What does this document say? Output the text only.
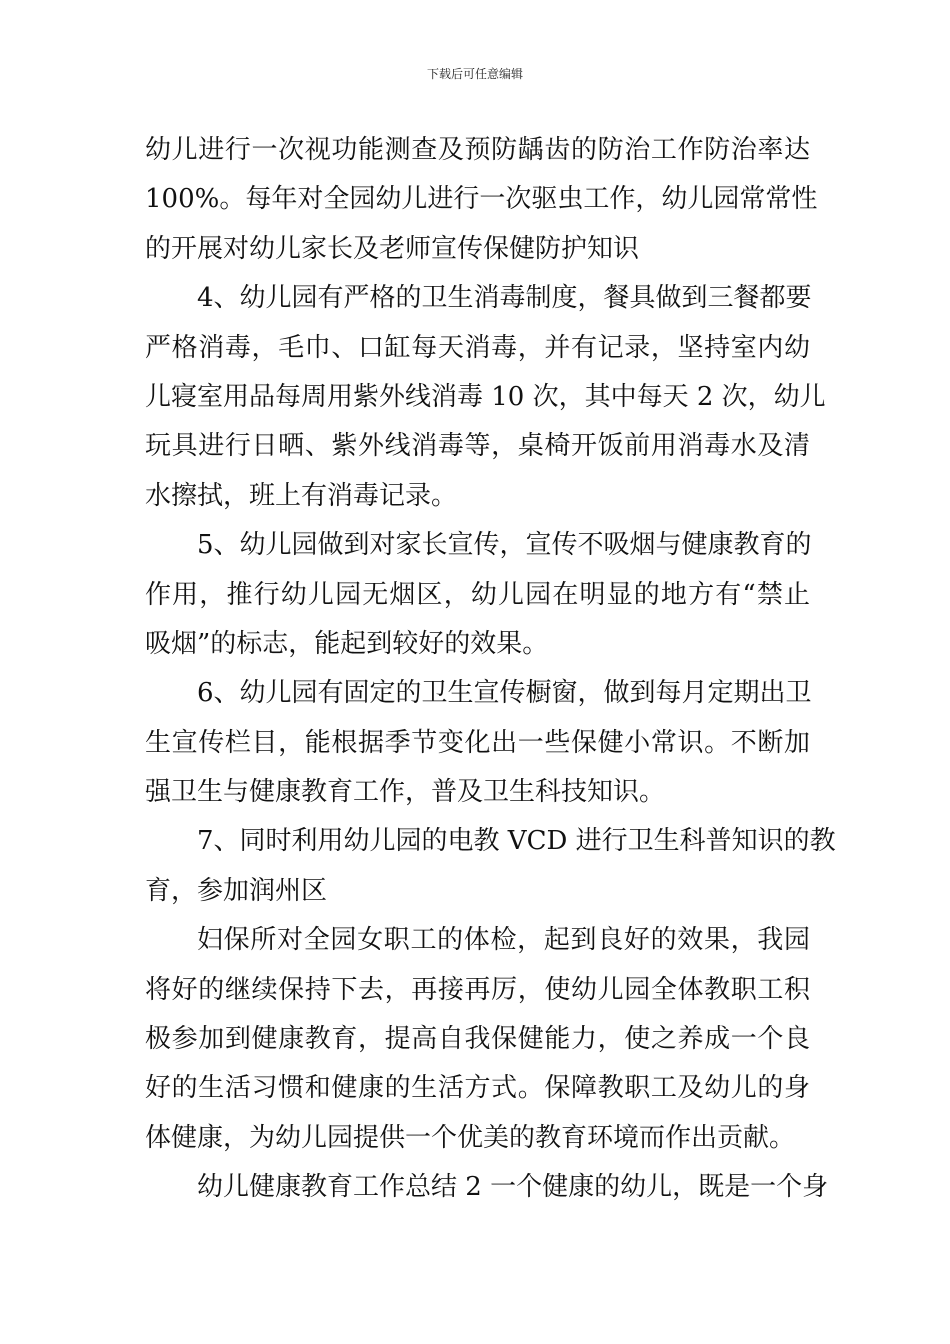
下载后可任意编辑
幼儿进行一次视功能测查及预防龋齿的防治工作防治率达
100%。每年对全园幼儿进行一次驱虫工作，幼儿园常常性
的开展对幼儿家长及老师宣传保健防护知识
4、幼儿园有严格的卫生消毒制度，餐具做到三餐都要
严格消毒，毛巾、口缸每天消毒，并有记录，坚持室内幼
儿寝室用品每周用紫外线消毒 10 次，其中每天 2 次，幼儿
玩具进行日晒、紫外线消毒等，桌椅开饭前用消毒水及清
水擦拭，班上有消毒记录。
5、幼儿园做到对家长宣传，宣传不吸烟与健康教育的
作用，推行幼儿园无烟区，幼儿园在明显的地方有“禁止
吸烟”的标志，能起到较好的效果。
6、幼儿园有固定的卫生宣传橱窗，做到每月定期出卫
生宣传栏目，能根据季节变化出一些保健小常识。不断加
强卫生与健康教育工作，普及卫生科技知识。
7、同时利用幼儿园的电教 VCD 进行卫生科普知识的教
育，参加润州区
妇保所对全园女职工的体检，起到良好的效果，我园
将好的继续保持下去，再接再厉，使幼儿园全体教职工积
极参加到健康教育，提高自我保健能力，使之养成一个良
好的生活习惯和健康的生活方式。保障教职工及幼儿的身
体健康，为幼儿园提供一个优美的教育环境而作出贡献。
幼儿健康教育工作总结 2 一个健康的幼儿，既是一个身
